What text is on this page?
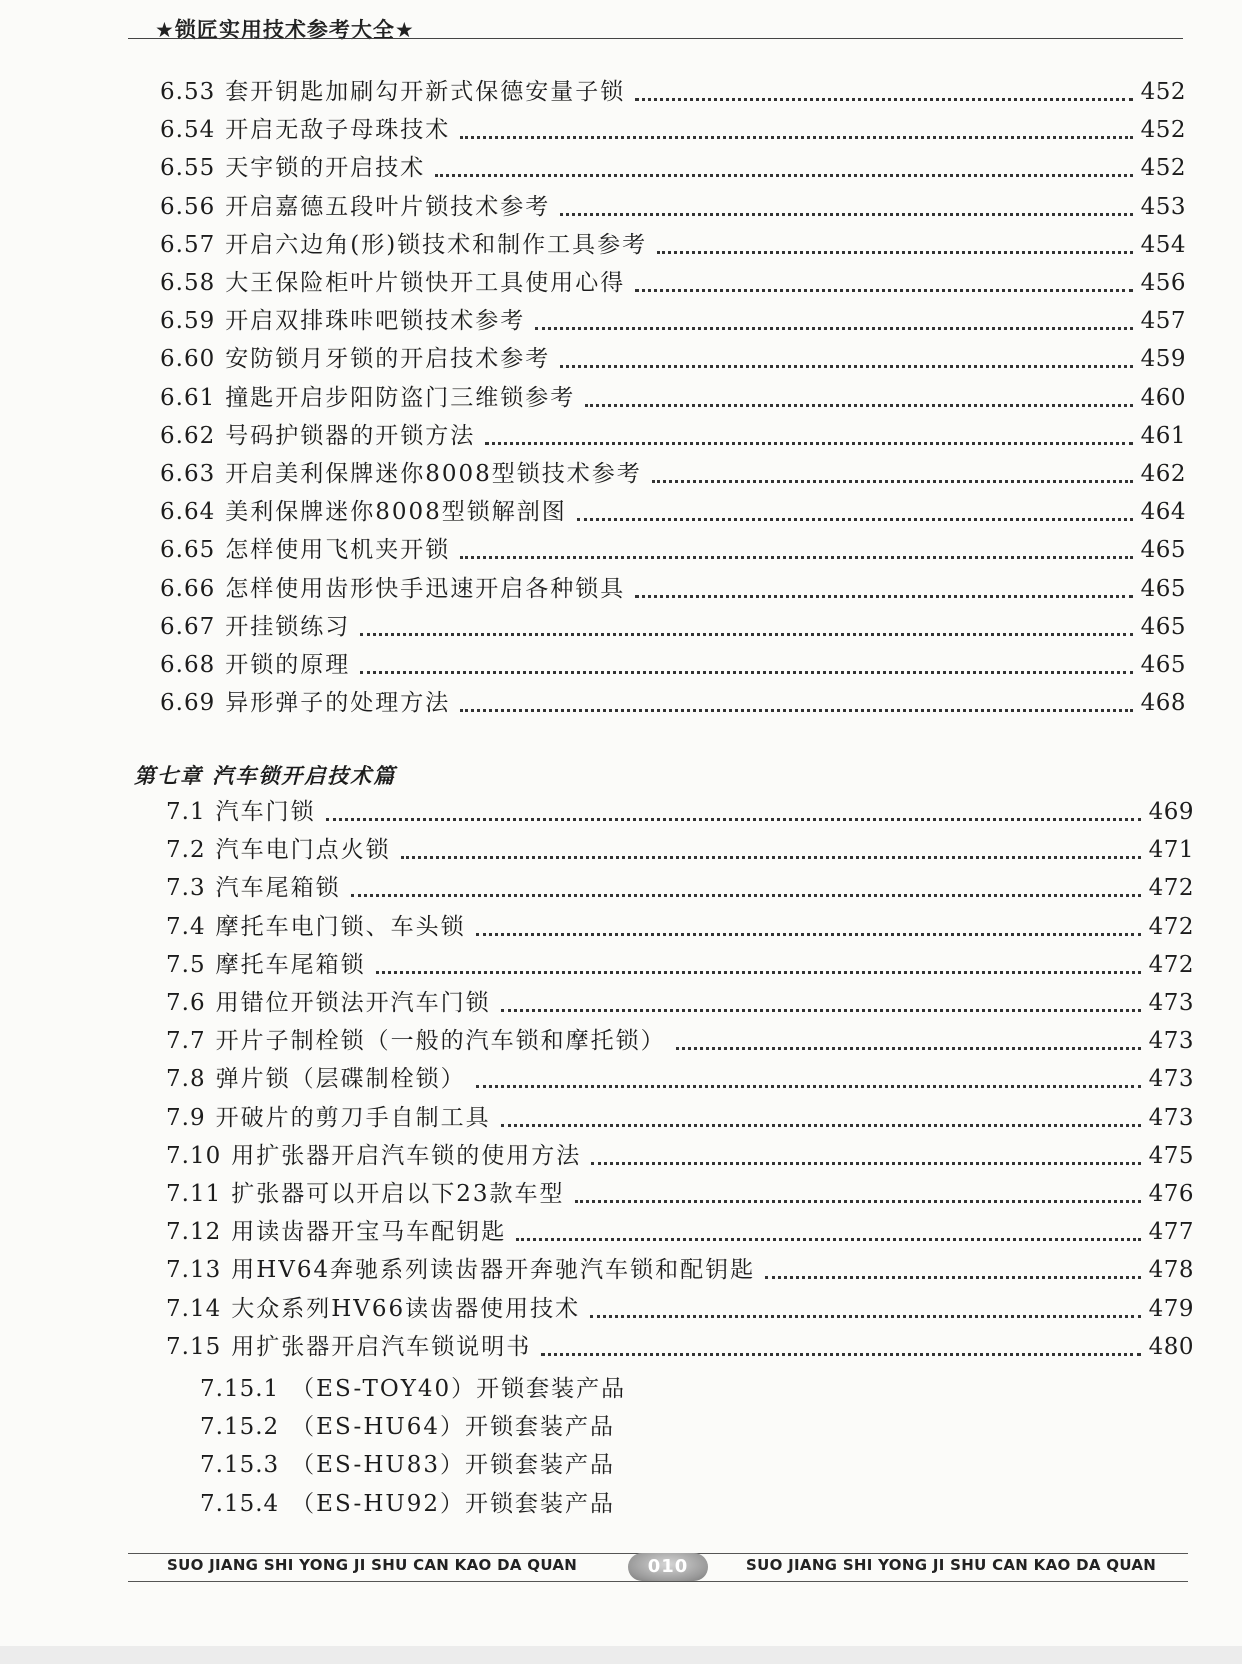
★锁匠实用技术参考大全★
6.53 套开钥匙加刷勾开新式保德安量子锁	452
6.54 开启无敌子母珠技术	452
6.55 天宇锁的开启技术	452
6.56 开启嘉德五段叶片锁技术参考	453
6.57 开启六边角(形)锁技术和制作工具参考	454
6.58 大王保险柜叶片锁快开工具使用心得	456
6.59 开启双排珠咔吧锁技术参考	457
6.60 安防锁月牙锁的开启技术参考	459
6.61 撞匙开启步阳防盗门三维锁参考	460
6.62 号码护锁器的开锁方法	461
6.63 开启美利保牌迷你8008型锁技术参考	462
6.64 美利保牌迷你8008型锁解剖图	464
6.65 怎样使用飞机夹开锁	465
6.66 怎样使用齿形快手迅速开启各种锁具	465
6.67 开挂锁练习	465
6.68 开锁的原理	465
6.69 异形弹子的处理方法	468
第七章 汽车锁开启技术篇
7.1 汽车门锁	469
7.2 汽车电门点火锁	471
7.3 汽车尾箱锁	472
7.4 摩托车电门锁、车头锁	472
7.5 摩托车尾箱锁	472
7.6 用错位开锁法开汽车门锁	473
7.7 开片子制栓锁（一般的汽车锁和摩托锁）	473
7.8 弹片锁（层碟制栓锁）	473
7.9 开破片的剪刀手自制工具	473
7.10 用扩张器开启汽车锁的使用方法	475
7.11 扩张器可以开启以下23款车型	476
7.12 用读齿器开宝马车配钥匙	477
7.13 用HV64奔驰系列读齿器开奔驰汽车锁和配钥匙	478
7.14 大众系列HV66读齿器使用技术	479
7.15 用扩张器开启汽车锁说明书	480
7.15.1 （ES-TOY40）开锁套装产品
7.15.2 （ES-HU64）开锁套装产品
7.15.3 （ES-HU83）开锁套装产品
7.15.4 （ES-HU92）开锁套装产品
SUO JIANG SHI YONG JI SHU CAN KAO DA QUAN	010	SUO JIANG SHI YONG JI SHU CAN KAO DA QUAN
